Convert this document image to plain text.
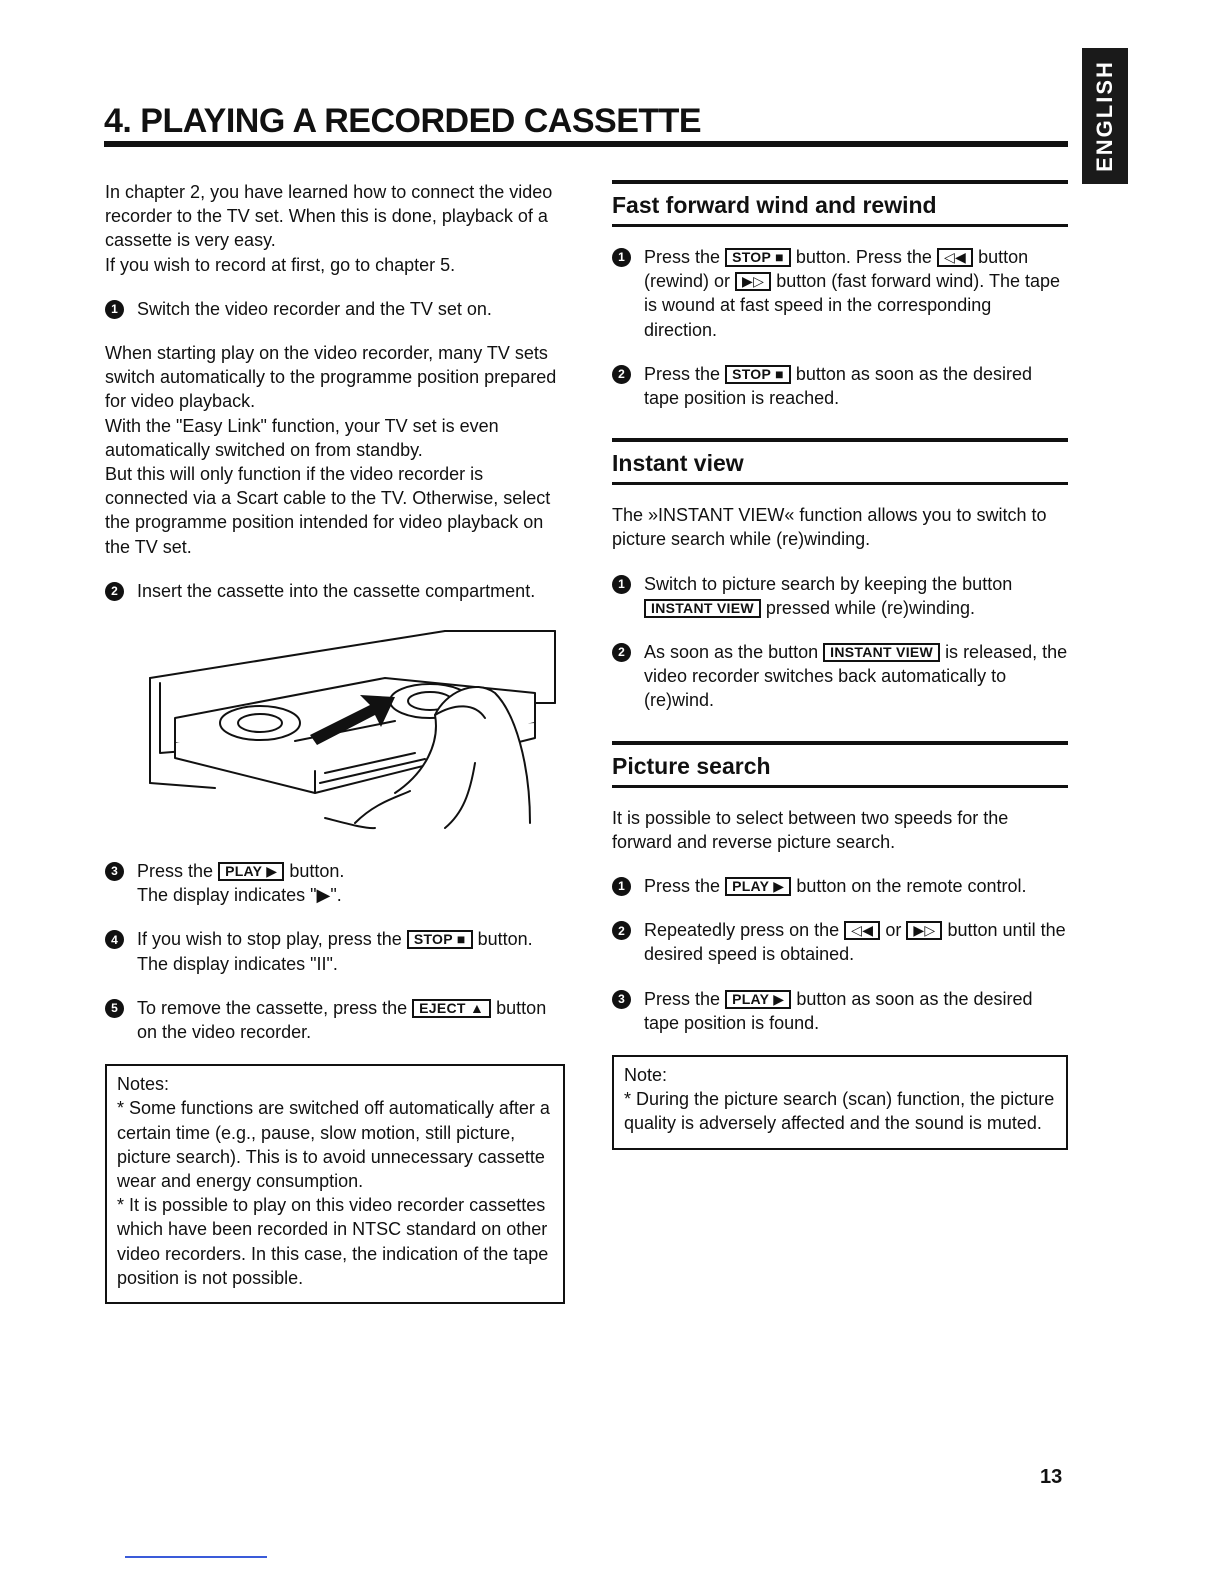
ENGLISH
4. PLAYING A RECORDED CASSETTE

In chapter 2, you have learned how to connect the video recorder to the TV set. When this is done, playback of a cassette is very easy.

If you wish to record at first, go to chapter 5.

1	Switch the video recorder and the TV set on.

When starting play on the video recorder, many TV sets switch automatically to the programme position prepared for video playback.

With the "Easy Link" function, your TV set is even automatically switched on from standby.

But this will only function if the video recorder is connected via a Scart cable to the TV. Otherwise, select the programme position intended for video playback on the TV set.

2	Insert the cassette into the cassette compartment.
3	Press the PLAY ▶ button.
The display indicates "▶".
4	If you wish to stop play, press the STOP ■ button.
The display indicates "II".
5	To remove the cassette, press the EJECT ▲ button on the video recorder.

Notes:

* Some functions are switched off automatically after a certain time (e.g., pause, slow motion, still picture, picture search). This is to avoid unnecessary cassette wear and energy consumption.

* It is possible to play on this video recorder cassettes which have been recorded in NTSC standard on other video recorders. In this case, the indication of the tape position is not possible.

Fast forward wind and rewind
1	Press the STOP ■ button. Press the ◁◀ button (rewind) or ▶▷ button (fast forward wind). The tape is wound at fast speed in the corresponding direction.
2	Press the STOP ■ button as soon as the desired tape position is reached.
Instant view

The »INSTANT VIEW« function allows you to switch to picture search while (re)winding.

1	Switch to picture search by keeping the button INSTANT VIEW pressed while (re)winding.
2	As soon as the button INSTANT VIEW is released, the video recorder switches back automatically to (re)wind.
Picture search

It is possible to select between two speeds for the forward and reverse picture search.

1	Press the PLAY ▶ button on the remote control.
2	Repeatedly press on the ◁◀ or ▶▷ button until the desired speed is obtained.
3	Press the PLAY ▶ button as soon as the desired tape position is found.

Note:

* During the picture search (scan) function, the picture quality is adversely affected and the sound is muted.

13
